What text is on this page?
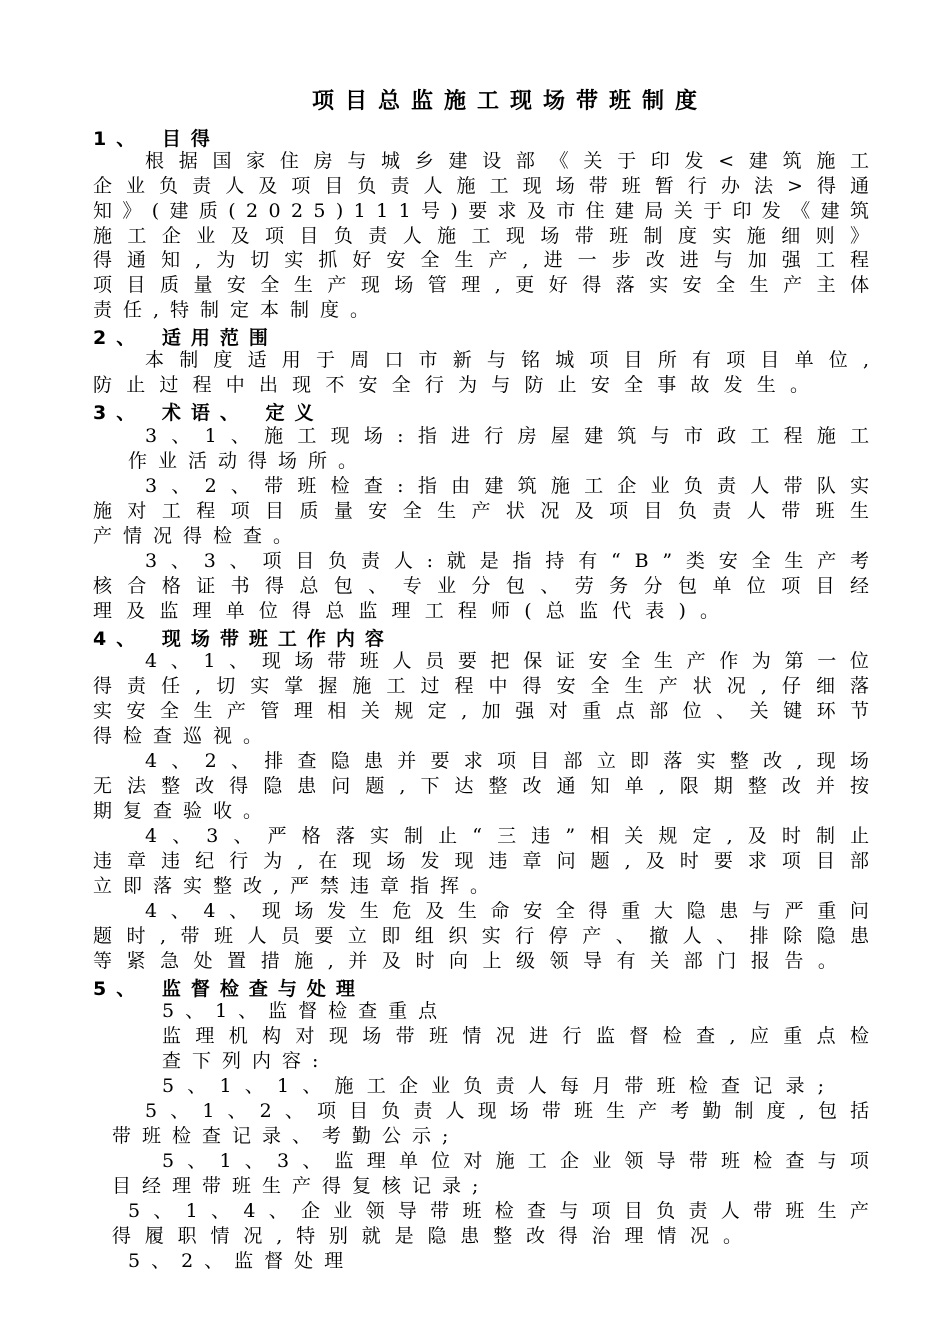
项目总监施工现场带班制度
1、 目得
根据国家住房与城乡建设部《关于印发<建筑施工
企业负责人及项目负责人施工现场带班暂行办法>得通
知》(建质(2025)111号)要求及市住建局关于印发《建筑
施工企业及项目负责人施工现场带班制度实施细则》
得通知,为切实抓好安全生产,进一步改进与加强工程
项目质量安全生产现场管理,更好得落实安全生产主体
责任,特制定本制度。
2、 适用范围
本制度适用于周口市新与铭城项目所有项目单位,
防止过程中出现不安全行为与防止安全事故发生。
3、 术语、 定义
3、1、施工现场:指进行房屋建筑与市政工程施工
作业活动得场所。
3、2、带班检查:指由建筑施工企业负责人带队实
施对工程项目质量安全生产状况及项目负责人带班生
产情况得检查。
3、3、项目负责人:就是指持有“B”类安全生产考
核合格证书得总包、专业分包、劳务分包单位项目经
理及监理单位得总监理工程师(总监代表)。
4、 现场带班工作内容
4、1、现场带班人员要把保证安全生产作为第一位
得责任,切实掌握施工过程中得安全生产状况,仔细落
实安全生产管理相关规定,加强对重点部位、关键环节
得检查巡视。
4、2、排查隐患并要求项目部立即落实整改,现场
无法整改得隐患问题,下达整改通知单,限期整改并按
期复查验收。
4、3、严格落实制止“三违”相关规定,及时制止
违章违纪行为,在现场发现违章问题,及时要求项目部
立即落实整改,严禁违章指挥。
4、4、现场发生危及生命安全得重大隐患与严重问
题时,带班人员要立即组织实行停产、撤人、排除隐患
等紧急处置措施,并及时向上级领导有关部门报告。
5、 监督检查与处理
5、1、监督检查重点
监理机构对现场带班情况进行监督检查,应重点检
查下列内容:
5、1、1、施工企业负责人每月带班检查记录;
5、1、2、项目负责人现场带班生产考勤制度,包括
带班检查记录、考勤公示;
5、1、3、监理单位对施工企业领导带班检查与项
目经理带班生产得复核记录;
5、1、4、企业领导带班检查与项目负责人带班生产
得履职情况,特别就是隐患整改得治理情况。
5、2、监督处理
